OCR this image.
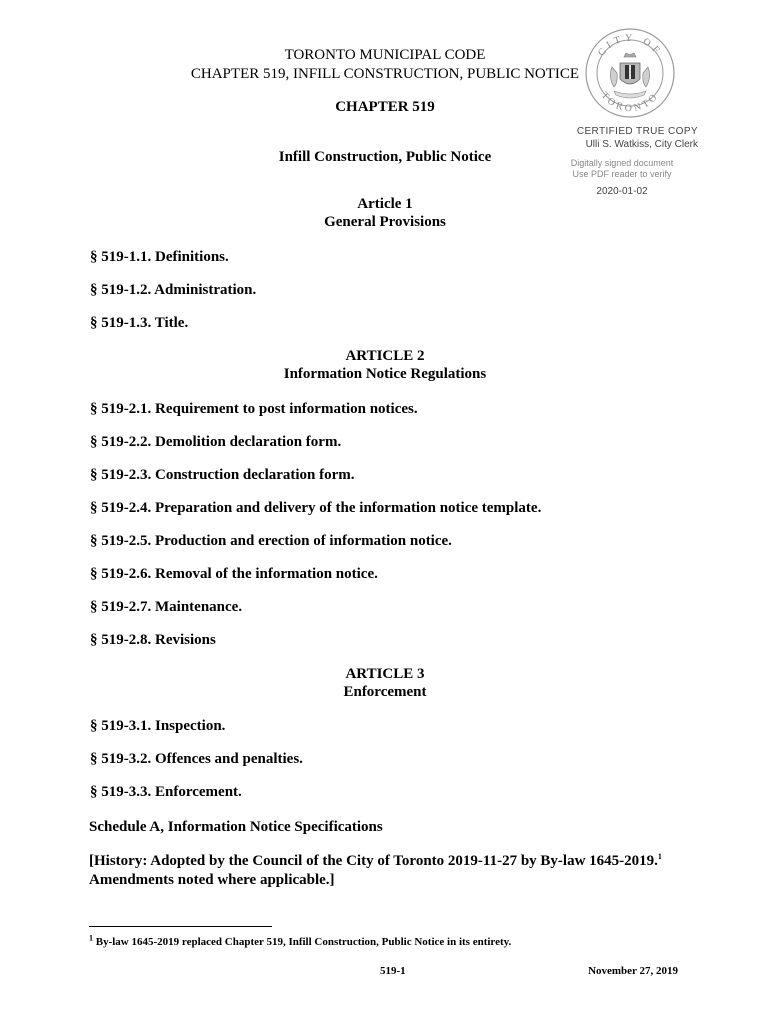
TORONTO MUNICIPAL CODE
CHAPTER 519, INFILL CONSTRUCTION, PUBLIC NOTICE
CITY OF
TORONTO
CERTIFIED TRUE COPY
Ulli S. Watkiss, City Clerk
Digitally signed document
Use PDF reader to verify
2020-01-02
CHAPTER 519
Infill Construction, Public Notice
Article 1
General Provisions
§ 519-1.1. Definitions.
§ 519-1.2. Administration.
§ 519-1.3. Title.
ARTICLE 2
Information Notice Regulations
§ 519-2.1. Requirement to post information notices.
§ 519-2.2. Demolition declaration form.
§ 519-2.3. Construction declaration form.
§ 519-2.4. Preparation and delivery of the information notice template.
§ 519-2.5. Production and erection of information notice.
§ 519-2.6. Removal of the information notice.
§ 519-2.7. Maintenance.
§ 519-2.8. Revisions
ARTICLE 3
Enforcement
§ 519-3.1. Inspection.
§ 519-3.2. Offences and penalties.
§ 519-3.3. Enforcement.
Schedule A, Information Notice Specifications
[History: Adopted by the Council of the City of Toronto 2019-11-27 by By-law 1645-2019.$^1$
Amendments noted where applicable.]
$^1$ By-law 1645-2019 replaced Chapter 519, Infill Construction, Public Notice in its entirety.
519-1	November 27, 2019
